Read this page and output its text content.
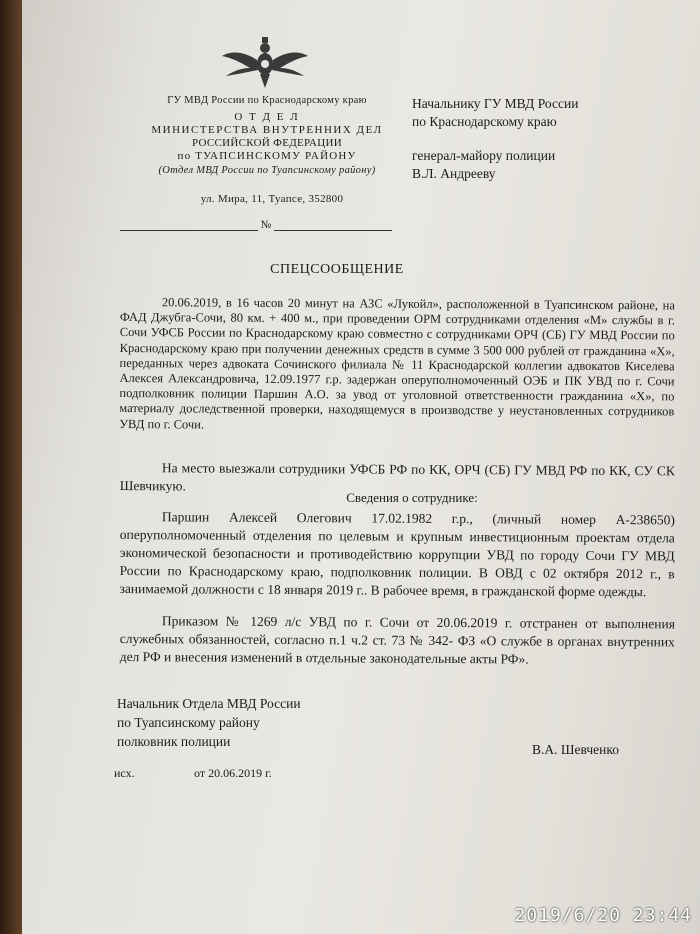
ГУ МВД России по Краснодарскому краю
О Т Д Е Л
МИНИСТЕРСТВА ВНУТРЕННИХ ДЕЛ
РОССИЙСКОЙ ФЕДЕРАЦИИ
по ТУАПСИНСКОМУ РАЙОНУ
(Отдел МВД России по Туапсинскому району)
ул. Мира, 11, Туапсе, 352800
№
Начальнику ГУ МВД России
по Краснодарскому краю
генерал-майору полиции
В.Л. Андрееву
СПЕЦСООБЩЕНИЕ
20.06.2019, в 16 часов 20 минут на АЗС «Лукойл», расположенной в Туапсинском районе, на ФАД Джубга-Сочи, 80 км. + 400 м., при проведении ОРМ сотрудниками отделения «М» службы в г. Сочи УФСБ России по Краснодарскому краю совместно с сотрудниками ОРЧ (СБ) ГУ МВД России по Краснодарскому краю при получении денежных средств в сумме 3 500 000 рублей от гражданина «Х», переданных через адвоката Сочинского филиала № 11 Краснодарской коллегии адвокатов Киселева Алексея Александровича, 12.09.1977 г.р. задержан оперуполномоченный ОЭБ и ПК УВД по г. Сочи подполковник полиции Паршин А.О. за увод от уголовной ответственности гражданина «Х», по материалу доследственной проверки, находящемуся в производстве у неустановленных сотрудников УВД по г. Сочи.
На место выезжали сотрудники УФСБ РФ по КК, ОРЧ (СБ) ГУ МВД РФ по КК, СУ СК Шевчикую.
Сведения о сотруднике:
Паршин Алексей Олегович 17.02.1982 г.р., (личный номер А-238650) оперуполномоченный отделения по целевым и крупным инвестиционным проектам отдела экономической безопасности и противодействию коррупции УВД по городу Сочи ГУ МВД России по Краснодарскому краю, подполковник полиции. В ОВД с 02 октября 2012 г., в занимаемой должности с 18 января 2019 г.. В рабочее время, в гражданской форме одежды.
Приказом № 1269 л/с УВД по г. Сочи от 20.06.2019 г. отстранен от выполнения служебных обязанностей, согласно п.1 ч.2 ст. 73 № 342- ФЗ «О службе в органах внутренних дел РФ и внесения изменений в отдельные законодательные акты РФ».
Начальник Отдела МВД России
по Туапсинскому району
полковник полиции
В.А. Шевченко
исх.	от 20.06.2019 г.
2019/6/20 23:44
